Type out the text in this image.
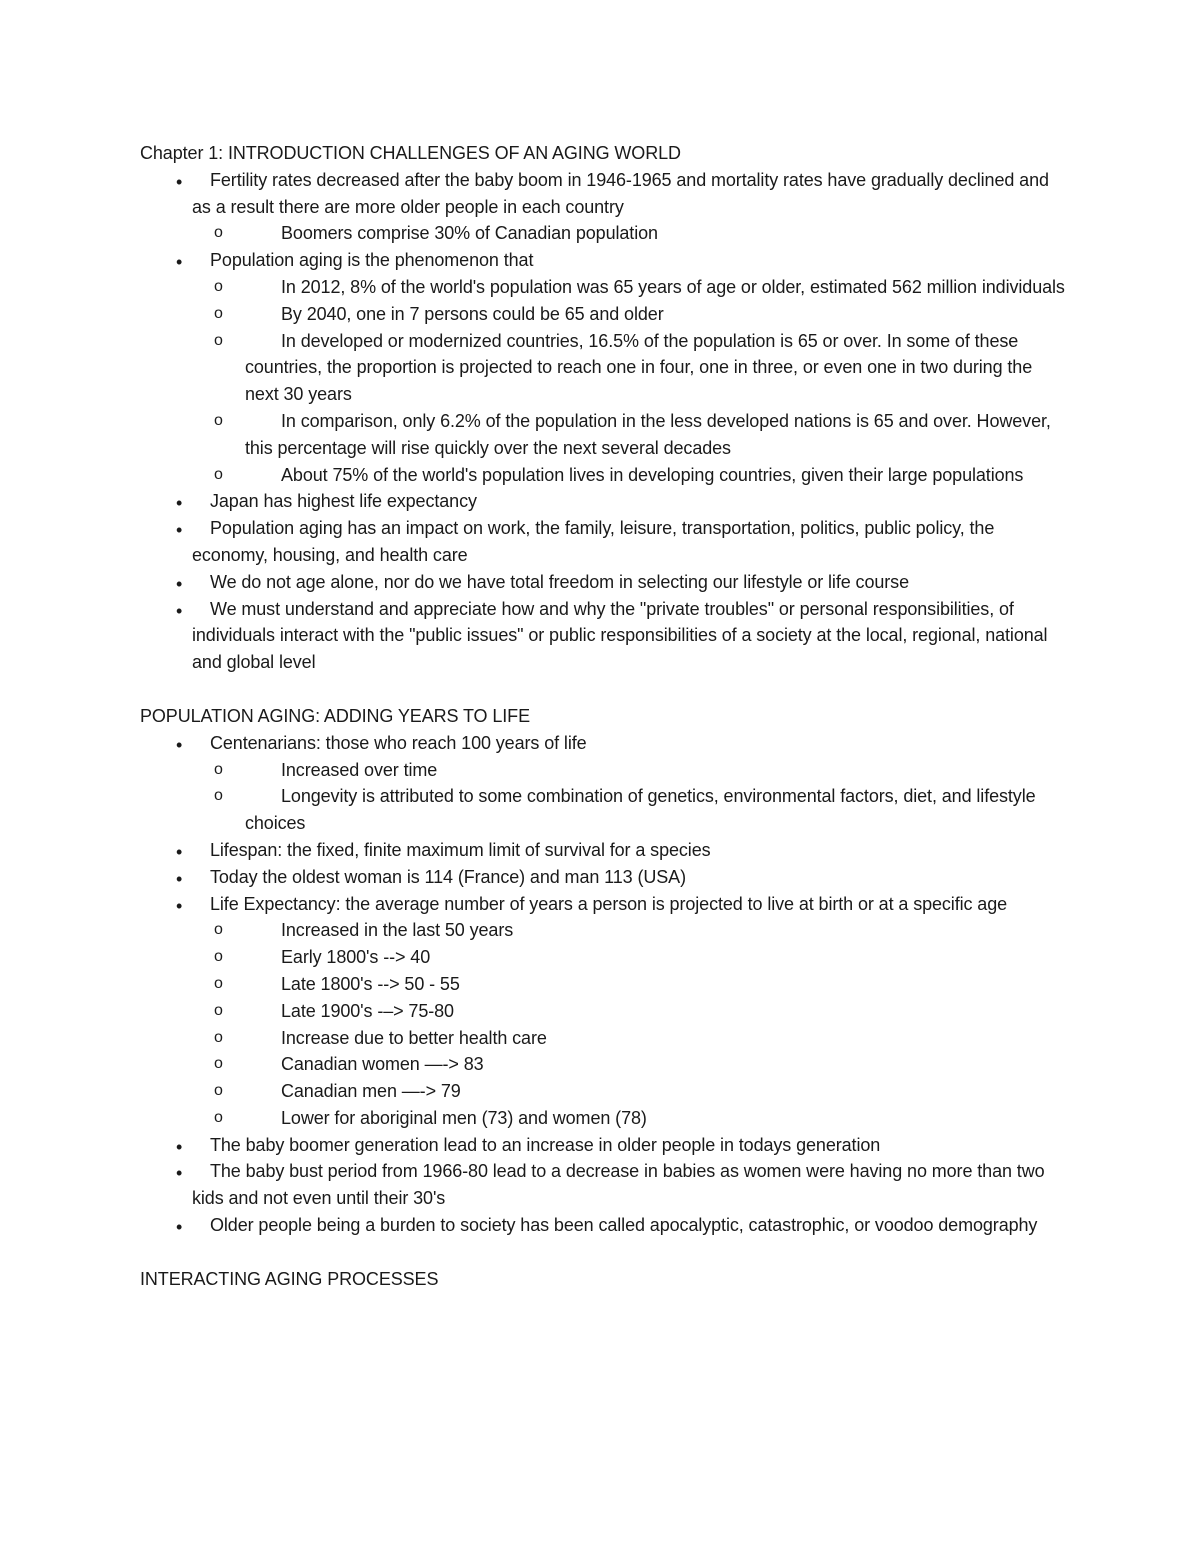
Chapter 1: INTRODUCTION CHALLENGES OF AN AGING WORLD
•	Fertility rates decreased after the baby boom in 1946-1965 and mortality rates have gradually declined and as a result there are more older people in each country
o	Boomers comprise 30% of Canadian population
•	Population aging is the phenomenon that
o	In 2012, 8% of the world's population was 65 years of age or older, estimated 562 million individuals
o	By 2040, one in 7 persons could be 65 and older
o	In developed or modernized countries, 16.5% of the population is 65 or over. In some of these countries, the proportion is projected to reach one in four, one in three, or even one in two during the next 30 years
o	In comparison, only 6.2% of the population in the less developed nations is 65 and over. However, this percentage will rise quickly over the next several decades
o	About 75% of the world's population lives in developing countries, given their large populations
•	Japan has highest life expectancy
•	Population aging has an impact on work, the family, leisure, transportation, politics, public policy, the economy, housing, and health care
•	We do not age alone, nor do we have total freedom in selecting our lifestyle or life course
•	We must understand and appreciate how and why the "private troubles" or personal responsibilities, of individuals interact with the "public issues" or public responsibilities of a society at the local, regional, national and global level
POPULATION AGING: ADDING YEARS TO LIFE
•	Centenarians: those who reach 100 years of life
o	Increased over time
o	Longevity is attributed to some combination of genetics, environmental factors, diet, and lifestyle choices
•	Lifespan: the fixed, finite maximum limit of survival for a species
•	Today the oldest woman is 114 (France) and man 113 (USA)
•	Life Expectancy: the average number of years a person is projected to live at birth or at a specific age
o	Increased in the last 50 years
o	Early 1800's --> 40
o	Late 1800's --> 50 - 55
o	Late 1900's -–> 75-80
o	Increase due to better health care
o	Canadian women —-> 83
o	Canadian men —-> 79
o	Lower for aboriginal men (73) and women (78)
•	The baby boomer generation lead to an increase in older people in todays generation
•	The baby bust period from 1966-80 lead to a decrease in babies as women were having no more than two kids and not even until their 30's
•	Older people being a burden to society has been called apocalyptic, catastrophic, or voodoo demography
INTERACTING AGING PROCESSES
